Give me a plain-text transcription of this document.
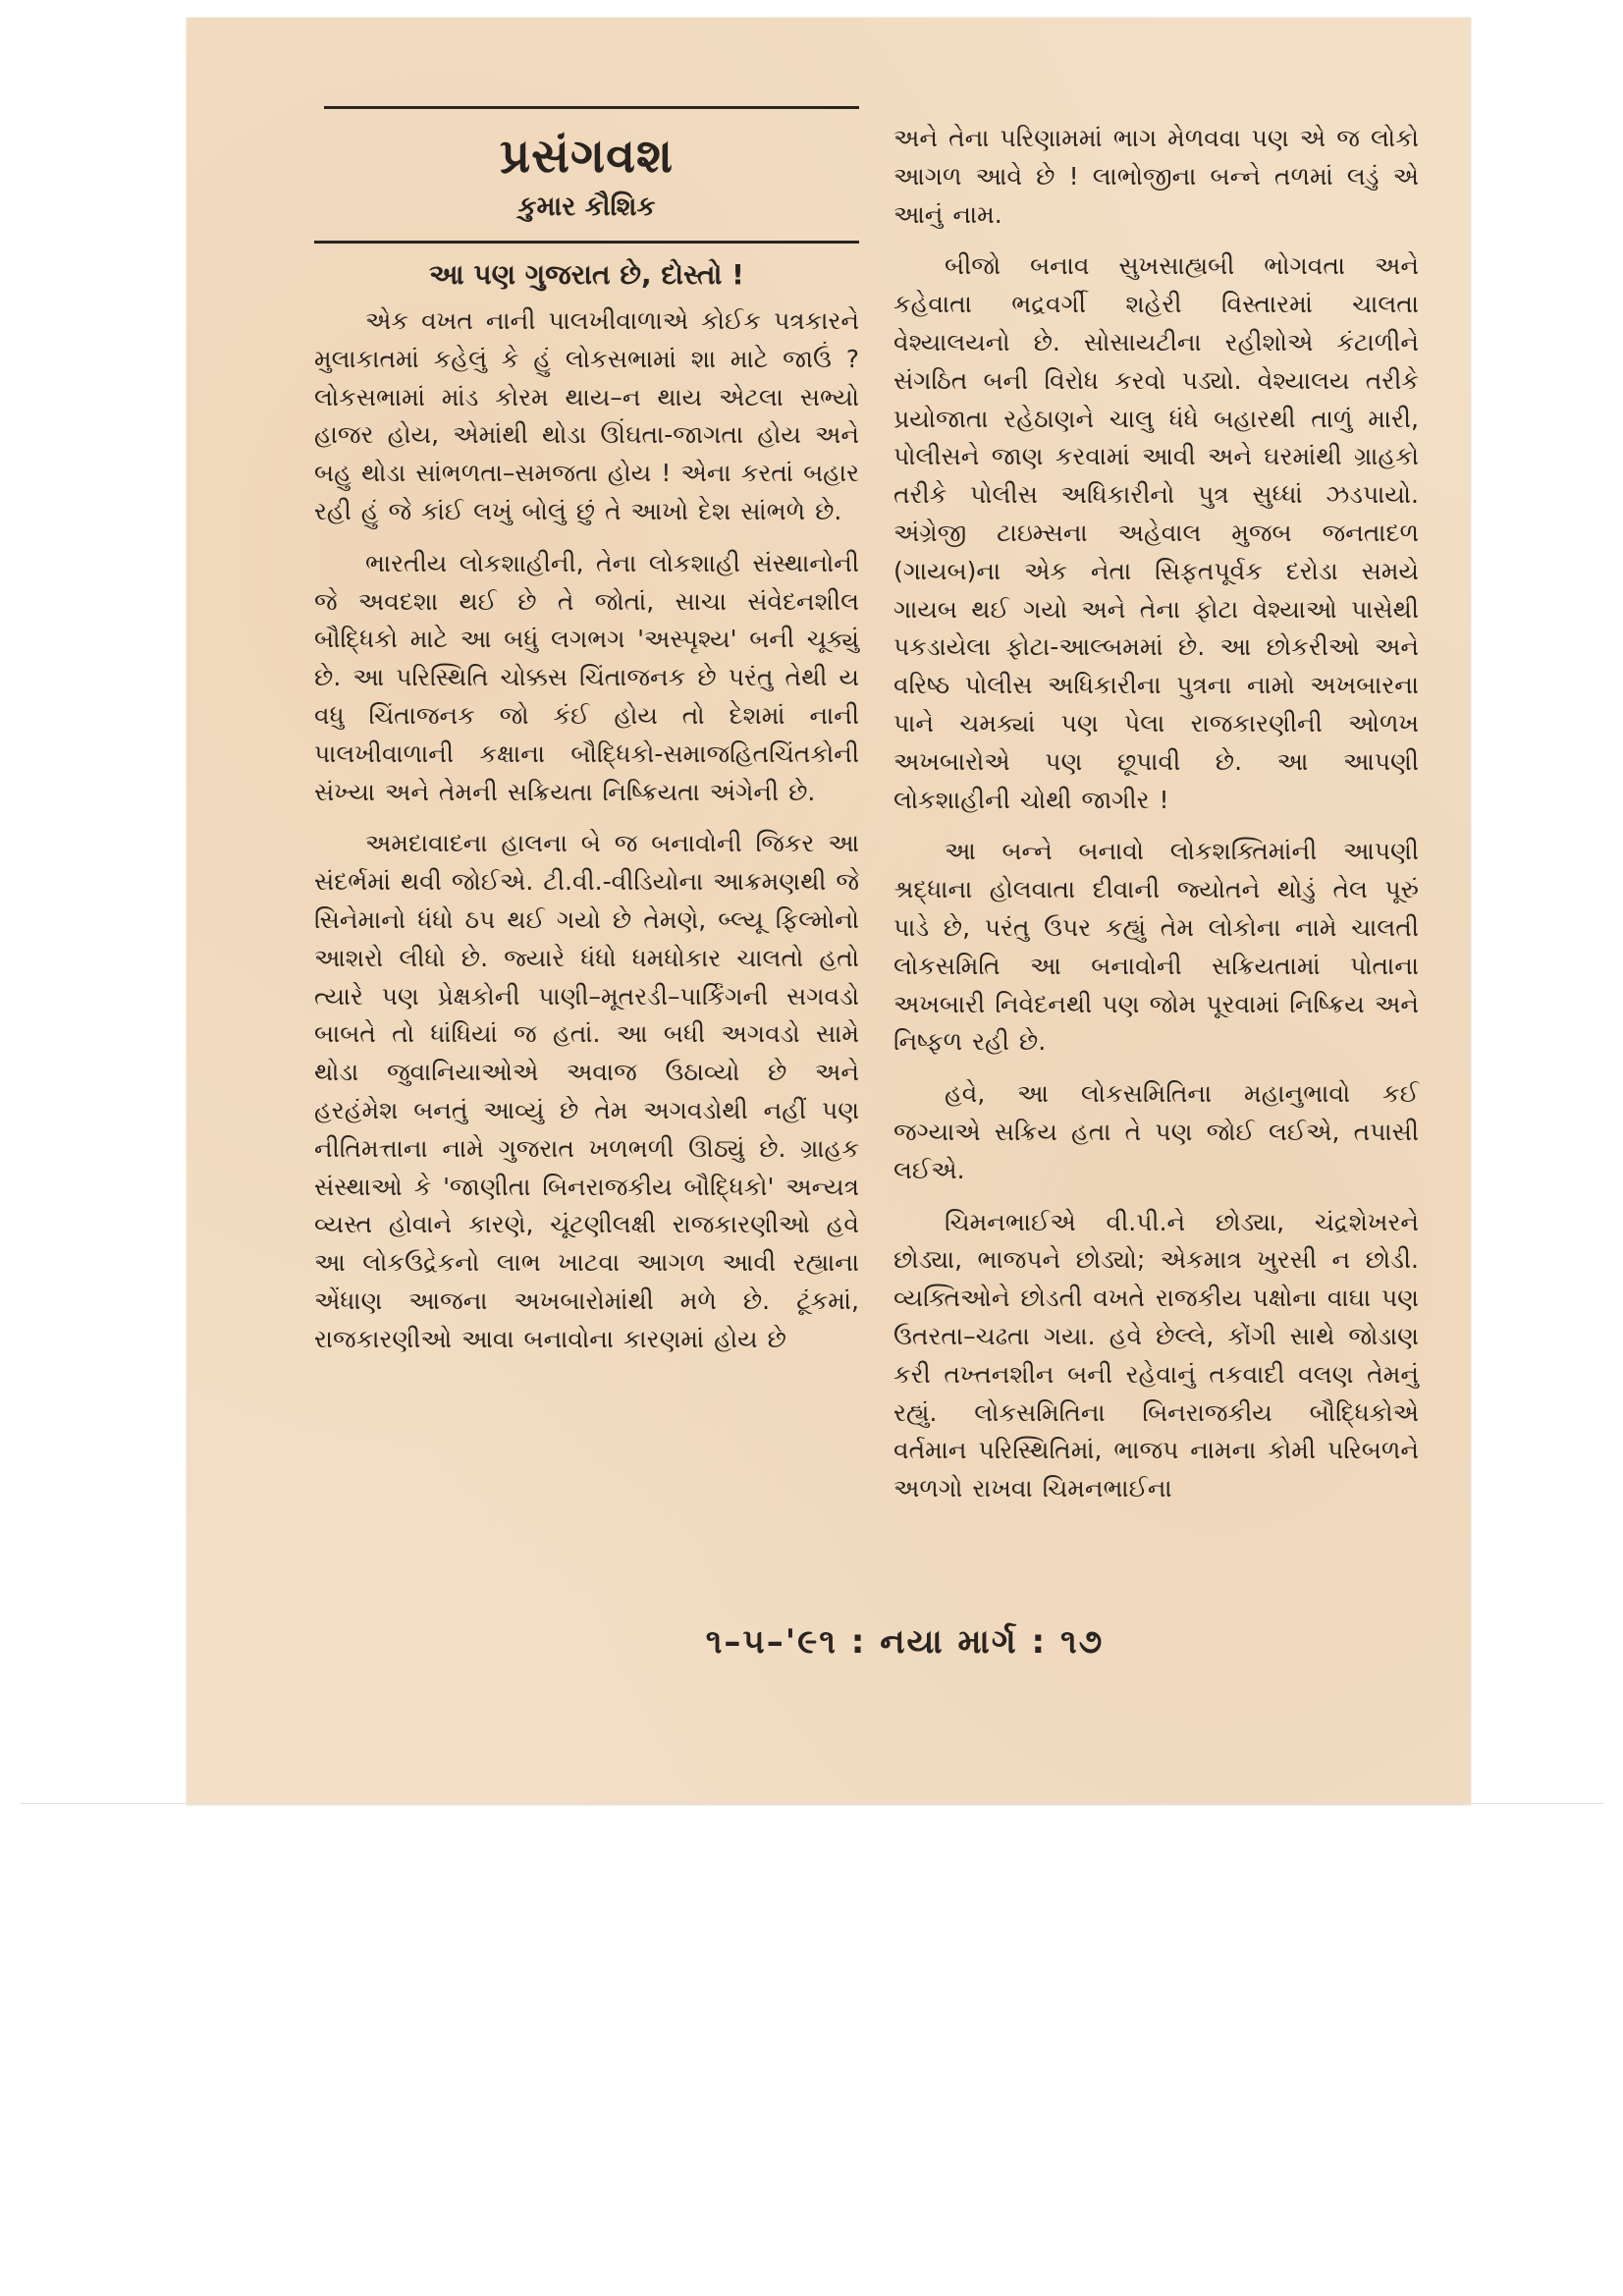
પ્રસંગવશ
કુમાર કૌશિક
આ પણ ગુજરાત છે, દોસ્તો !

એક વખત નાની પાલખીવાળાએ કોઈક પત્રકારને મુલાકાતમાં કહેલું કે હું લોકસભામાં શા માટે જાઉં ? લોકસભામાં માંડ કોરમ થાય–ન થાય એટલા સભ્યો હાજર હોય, એમાંથી થોડા ઊંઘતા-જાગતા હોય અને બહુ થોડા સાંભળતા–સમજતા હોય ! એના કરતાં બહાર રહી હું જે કાંઈ લખું બોલું છું તે આખો દેશ સાંભળે છે.

ભારતીય લોકશાહીની, તેના લોકશાહી સંસ્થાનોની જે અવદશા થઈ છે તે જોતાં, સાચા સંવેદનશીલ બૌદ્ધિકો માટે આ બધું લગભગ 'અસ્પૃશ્ય' બની ચૂક્યું છે. આ પરિસ્થિતિ ચોક્કસ ચિંતાજનક છે પરંતુ તેથી ય વધુ ચિંતાજનક જો કંઈ હોય તો દેશમાં નાની પાલખીવાળાની કક્ષાના બૌદ્ધિકો-સમાજહિતચિંતકોની સંખ્યા અને તેમની સક્રિયતા નિષ્ક્રિયતા અંગેની છે.

અમદાવાદના હાલના બે જ બનાવોની જિકર આ સંદર્ભમાં થવી જોઈએ. ટી.વી.-વીડિયોના આક્રમણથી જે સિનેમાનો ધંધો ઠપ થઈ ગયો છે તેમણે, બ્લ્યૂ ફિલ્મોનો આશરો લીધો છે. જ્યારે ધંધો ધમધોકાર ચાલતો હતો ત્યારે પણ પ્રેક્ષકોની પાણી–મૂતરડી–પાર્કિંગની સગવડો બાબતે તો ધાંધિયાં જ હતાં. આ બધી અગવડો સામે થોડા જુવાનિયાઓએ અવાજ ઉઠાવ્યો છે અને હરહંમેશ બનતું આવ્યું છે તેમ અગવડોથી નહીં પણ નીતિમત્તાના નામે ગુજરાત ખળભળી ઊઠ્યું છે. ગ્રાહક સંસ્થાઓ કે 'જાણીતા બિનરાજકીય બૌદ્ધિકો' અન્યત્ર વ્યસ્ત હોવાને કારણે, ચૂંટણીલક્ષી રાજકારણીઓ હવે આ લોકઉદ્રેકનો લાભ ખાટવા આગળ આવી રહ્યાના એંધાણ આજના અખબારોમાંથી મળે છે. ટૂંકમાં, રાજકારણીઓ આવા બનાવોના કારણમાં હોય છે

અને તેના પરિણામમાં ભાગ મેળવવા પણ એ જ લોકો આગળ આવે છે ! લાભોજીના બન્ને તળમાં લડું એ આનું નામ.

બીજો બનાવ સુખસાહ્યબી ભોગવતા અને કહેવાતા ભદ્રવર્ગી શહેરી વિસ્તારમાં ચાલતા વેશ્યાલયનો છે. સોસાયટીના રહીશોએ કંટાળીને સંગઠિત બની વિરોધ કરવો પડ્યો. વેશ્યાલય તરીકે પ્રયોજાતા રહેઠાણને ચાલુ ધંધે બહારથી તાળું મારી, પોલીસને જાણ કરવામાં આવી અને ઘરમાંથી ગ્રાહકો તરીકે પોલીસ અધિકારીનો પુત્ર સુધ્ધાં ઝડપાયો. અંગ્રેજી ટાઇમ્સના અહેવાલ મુજબ જનતાદળ (ગાયબ)ના એક નેતા સિફતપૂર્વક દરોડા સમયે ગાયબ થઈ ગયો અને તેના ફોટા વેશ્યાઓ પાસેથી પકડાયેલા ફોટા-આલ્બમમાં છે. આ છોકરીઓ અને વરિષ્ઠ પોલીસ અધિકારીના પુત્રના નામો અખબારના પાને ચમક્યાં પણ પેલા રાજકારણીની ઓળખ અખબારોએ પણ છૂપાવી છે. આ આપણી લોકશાહીની ચોથી જાગીર !

આ બન્ને બનાવો લોકશક્તિમાંની આપણી શ્રદ્ધાના હોલવાતા દીવાની જ્યોતને થોડું તેલ પૂરું પાડે છે, પરંતુ ઉપર કહ્યું તેમ લોકોના નામે ચાલતી લોકસમિતિ આ બનાવોની સક્રિયતામાં પોતાના અખબારી નિવેદનથી પણ જોમ પૂરવામાં નિષ્ક્રિય અને નિષ્ફળ રહી છે.

હવે, આ લોકસમિતિના મહાનુભાવો કઈ જગ્યાએ સક્રિય હતા તે પણ જોઈ લઈએ, તપાસી લઈએ.

ચિમનભાઈએ વી.પી.ને છોડ્યા, ચંદ્રશેખરને છોડ્યા, ભાજપને છોડ્યો; એકમાત્ર ખુરસી ન છોડી. વ્યક્તિઓને છોડતી વખતે રાજકીય પક્ષોના વાઘા પણ ઉતરતા–ચઢતા ગયા. હવે છેલ્લે, કોંગી સાથે જોડાણ કરી તખ્તનશીન બની રહેવાનું તકવાદી વલણ તેમનું રહ્યું. લોકસમિતિના બિનરાજકીય બૌદ્ધિકોએ વર્તમાન પરિસ્થિતિમાં, ભાજપ નામના કોમી પરિબળને અળગો રાખવા ચિમનભાઈના

૧–૫–'૯૧ : નયા માર્ગ : ૧૭
